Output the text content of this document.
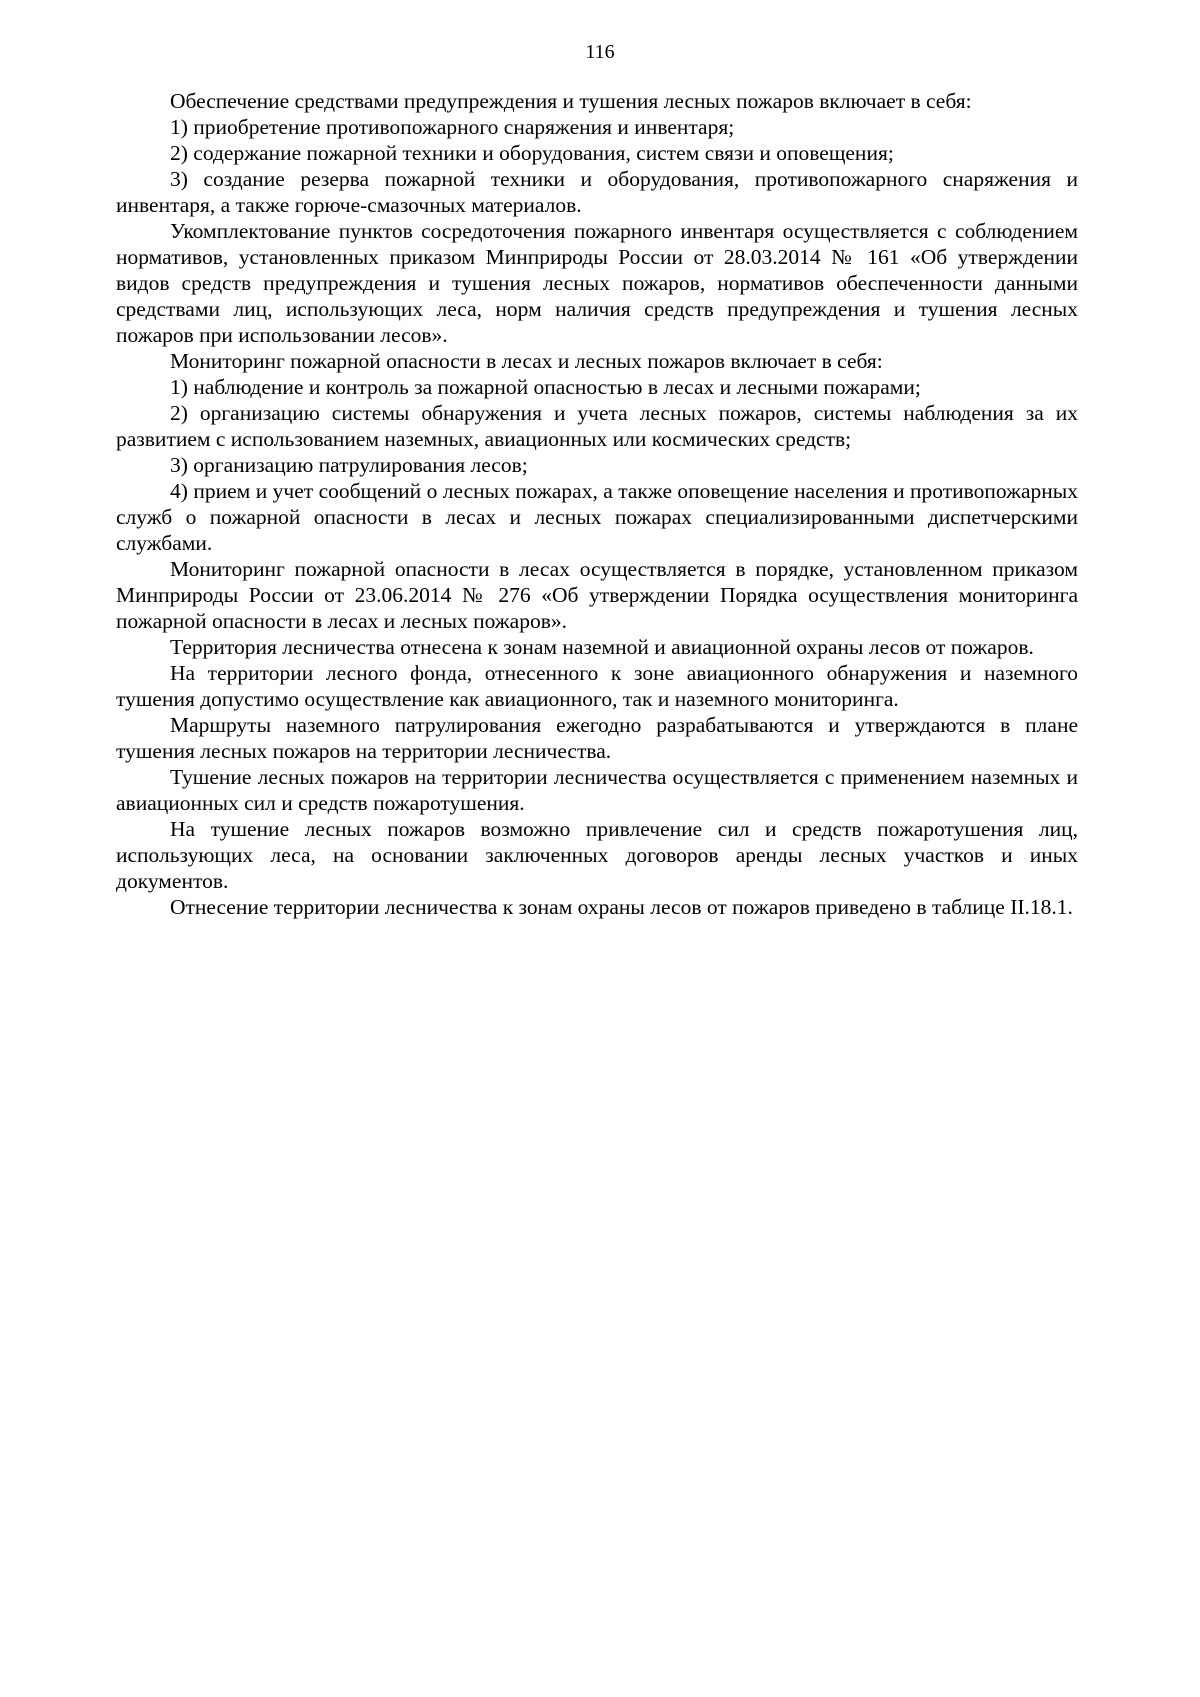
116

Обеспечение средствами предупреждения и тушения лесных пожаров включает в себя:

1) приобретение противопожарного снаряжения и инвентаря;

2) содержание пожарной техники и оборудования, систем связи и оповещения;

3) создание резерва пожарной техники и оборудования, противопожарного снаряжения и инвентаря, а также горюче-смазочных материалов.

Укомплектование пунктов сосредоточения пожарного инвентаря осуществляется с соблюдением нормативов, установленных приказом Минприроды России от 28.03.2014 № 161 «Об утверждении видов средств предупреждения и тушения лесных пожаров, нормативов обеспеченности данными средствами лиц, использующих леса, норм наличия средств предупреждения и тушения лесных пожаров при использовании лесов».

Мониторинг пожарной опасности в лесах и лесных пожаров включает в себя:

1) наблюдение и контроль за пожарной опасностью в лесах и лесными пожарами;

2) организацию системы обнаружения и учета лесных пожаров, системы наблюдения за их развитием с использованием наземных, авиационных или космических средств;

3) организацию патрулирования лесов;

4) прием и учет сообщений о лесных пожарах, а также оповещение населения и противопожарных служб о пожарной опасности в лесах и лесных пожарах специализированными диспетчерскими службами.

Мониторинг пожарной опасности в лесах осуществляется в порядке, установленном приказом Минприроды России от 23.06.2014 № 276 «Об утверждении Порядка осуществления мониторинга пожарной опасности в лесах и лесных пожаров».

Территория лесничества отнесена к зонам наземной и авиационной охраны лесов от пожаров.

На территории лесного фонда, отнесенного к зоне авиационного обнаружения и наземного тушения допустимо осуществление как авиационного, так и наземного мониторинга.

Маршруты наземного патрулирования ежегодно разрабатываются и утверждаются в плане тушения лесных пожаров на территории лесничества.

Тушение лесных пожаров на территории лесничества осуществляется с применением наземных и авиационных сил и средств пожаротушения.

На тушение лесных пожаров возможно привлечение сил и средств пожаротушения лиц, использующих леса, на основании заключенных договоров аренды лесных участков и иных документов.

Отнесение территории лесничества к зонам охраны лесов от пожаров приведено в таблице II.18.1.
